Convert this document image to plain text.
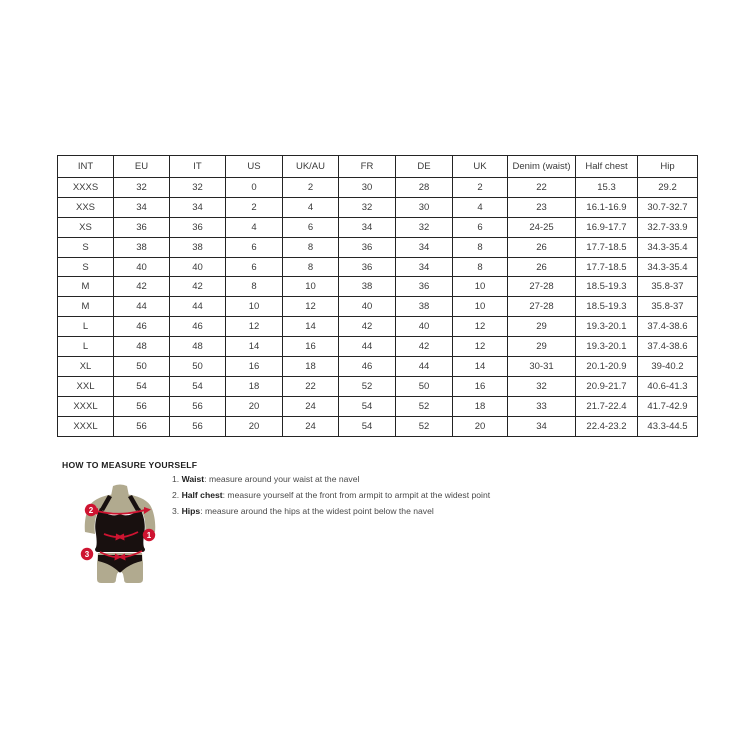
INT	EU	IT	US	UK/AU	FR	DE	UK	Denim (waist)	Half chest	Hip
XXXS	32	32	0	2	30	28	2	22	15.3	29.2
XXS	34	34	2	4	32	30	4	23	16.1-16.9	30.7-32.7
XS	36	36	4	6	34	32	6	24-25	16.9-17.7	32.7-33.9
S	38	38	6	8	36	34	8	26	17.7-18.5	34.3-35.4
S	40	40	6	8	36	34	8	26	17.7-18.5	34.3-35.4
M	42	42	8	10	38	36	10	27-28	18.5-19.3	35.8-37
M	44	44	10	12	40	38	10	27-28	18.5-19.3	35.8-37
L	46	46	12	14	42	40	12	29	19.3-20.1	37.4-38.6
L	48	48	14	16	44	42	12	29	19.3-20.1	37.4-38.6
XL	50	50	16	18	46	44	14	30-31	20.1-20.9	39-40.2
XXL	54	54	18	22	52	50	16	32	20.9-21.7	40.6-41.3
XXXL	56	56	20	24	54	52	18	33	21.7-22.4	41.7-42.9
XXXL	56	56	20	24	54	52	20	34	22.4-23.2	43.3-44.5
HOW TO MEASURE YOURSELF
2
1
3
1. Waist: measure around your waist at the navel
2. Half chest: measure yourself at the front from armpit to armpit at the widest point
3. Hips: measure around the hips at the widest point below the navel
